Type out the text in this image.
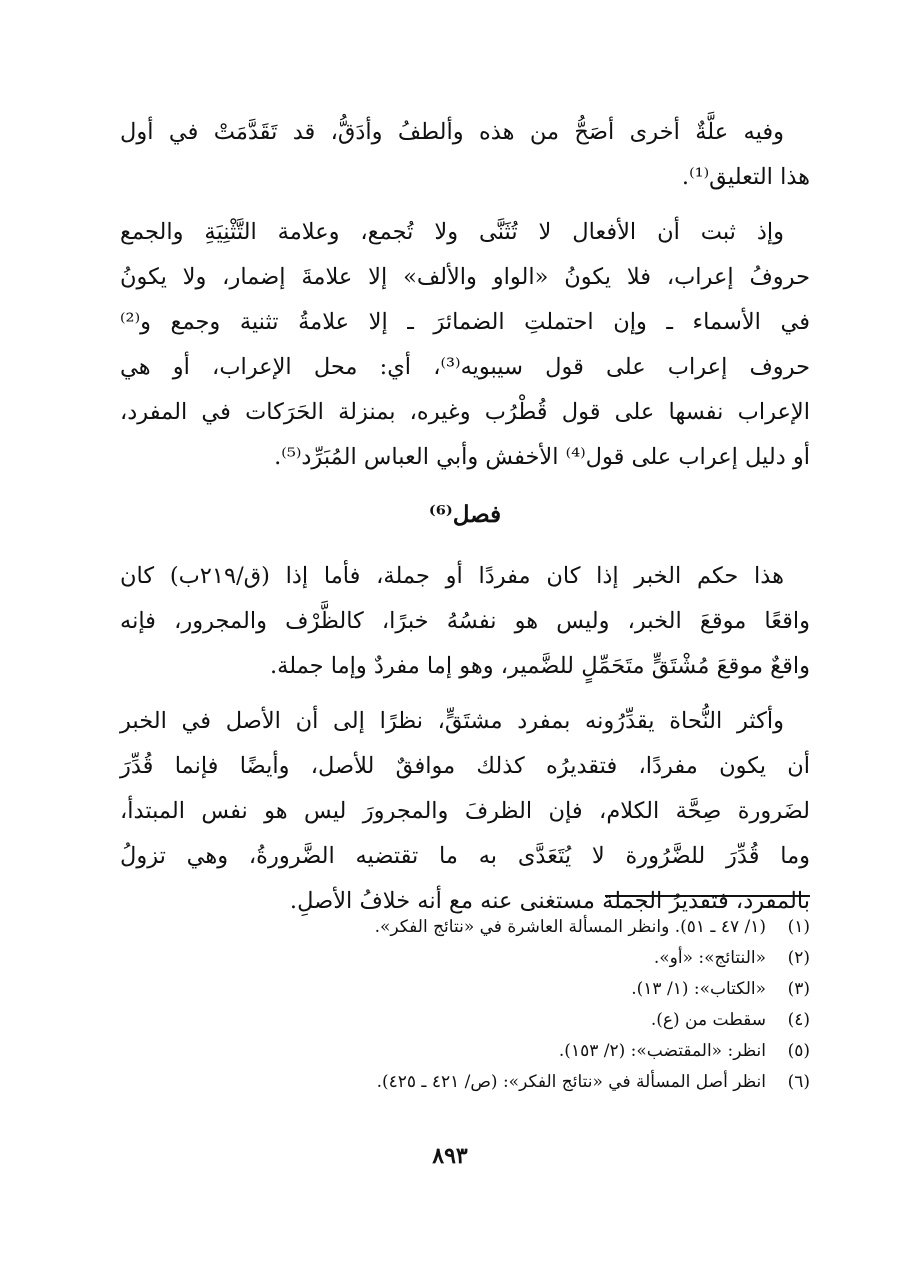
وفيه علَّةٌ أخرى أصَحُّ من هذه وألطفُ وأدَقُّ، قد تَقَدَّمَتْ في أول
هذا التعليق⁽¹⁾.
وإذ ثبت أن الأفعال لا تُثَنَّى ولا تُجمع، وعلامة التَّثْنِيَةِ والجمع
حروفُ إعراب، فلا يكونُ «الواو والألف» إلا علامةَ إضمار، ولا يكونُ
في الأسماء ـ وإن احتملتِ الضمائرَ ـ إلا علامةُ تثنية وجمع و⁽²⁾
حروف إعراب على قول سيبويه⁽³⁾، أي: محل الإعراب، أو هي
الإعراب نفسها على قول قُطْرُب وغيره، بمنزلة الحَرَكات في المفرد،
أو دليل إعراب على قول⁽⁴⁾ الأخفش وأبي العباس المُبَرِّد⁽⁵⁾.
فصل⁽⁶⁾
هذا حكم الخبر إذا كان مفردًا أو جملة، فأما إذا (ق/٢١٩ب) كان
واقعًا موقعَ الخبر، وليس هو نفسُهُ خبرًا، كالظَّرْف والمجرور، فإنه
واقعٌ موقعَ مُشْتَقٍّ متَحَمِّلٍ للضَّمير، وهو إما مفردٌ وإما جملة.
وأكثر النُّحاة يقدِّرُونه بمفرد مشتَقٍّ، نظرًا إلى أن الأصل في الخبر
أن يكون مفردًا، فتقديرُه كذلك موافقٌ للأصل، وأيضًا فإنما قُدِّرَ
لضَرورة صِحَّة الكلام، فإن الظرفَ والمجرورَ ليس هو نفس المبتدأ،
وما قُدِّرَ للضَّرُورة لا يُتَعَدَّى به ما تقتضيه الضَّرورةُ، وهي تزولُ
بالمفرد، فتقديرُ الجملة مستغنى عنه مع أنه خلافُ الأصلِ.
(١)(١/ ٤٧ ـ ٥١). وانظر المسألة العاشرة في «نتائج الفكر».
(٢)«النتائج»: «أو».
(٣)«الكتاب»: (١/ ١٣).
(٤)سقطت من (ع).
(٥)انظر: «المقتضب»: (٢/ ١٥٣).
(٦)انظر أصل المسألة في «نتائج الفكر»: (ص/ ٤٢١ ـ ٤٢٥).
٨٩٣
